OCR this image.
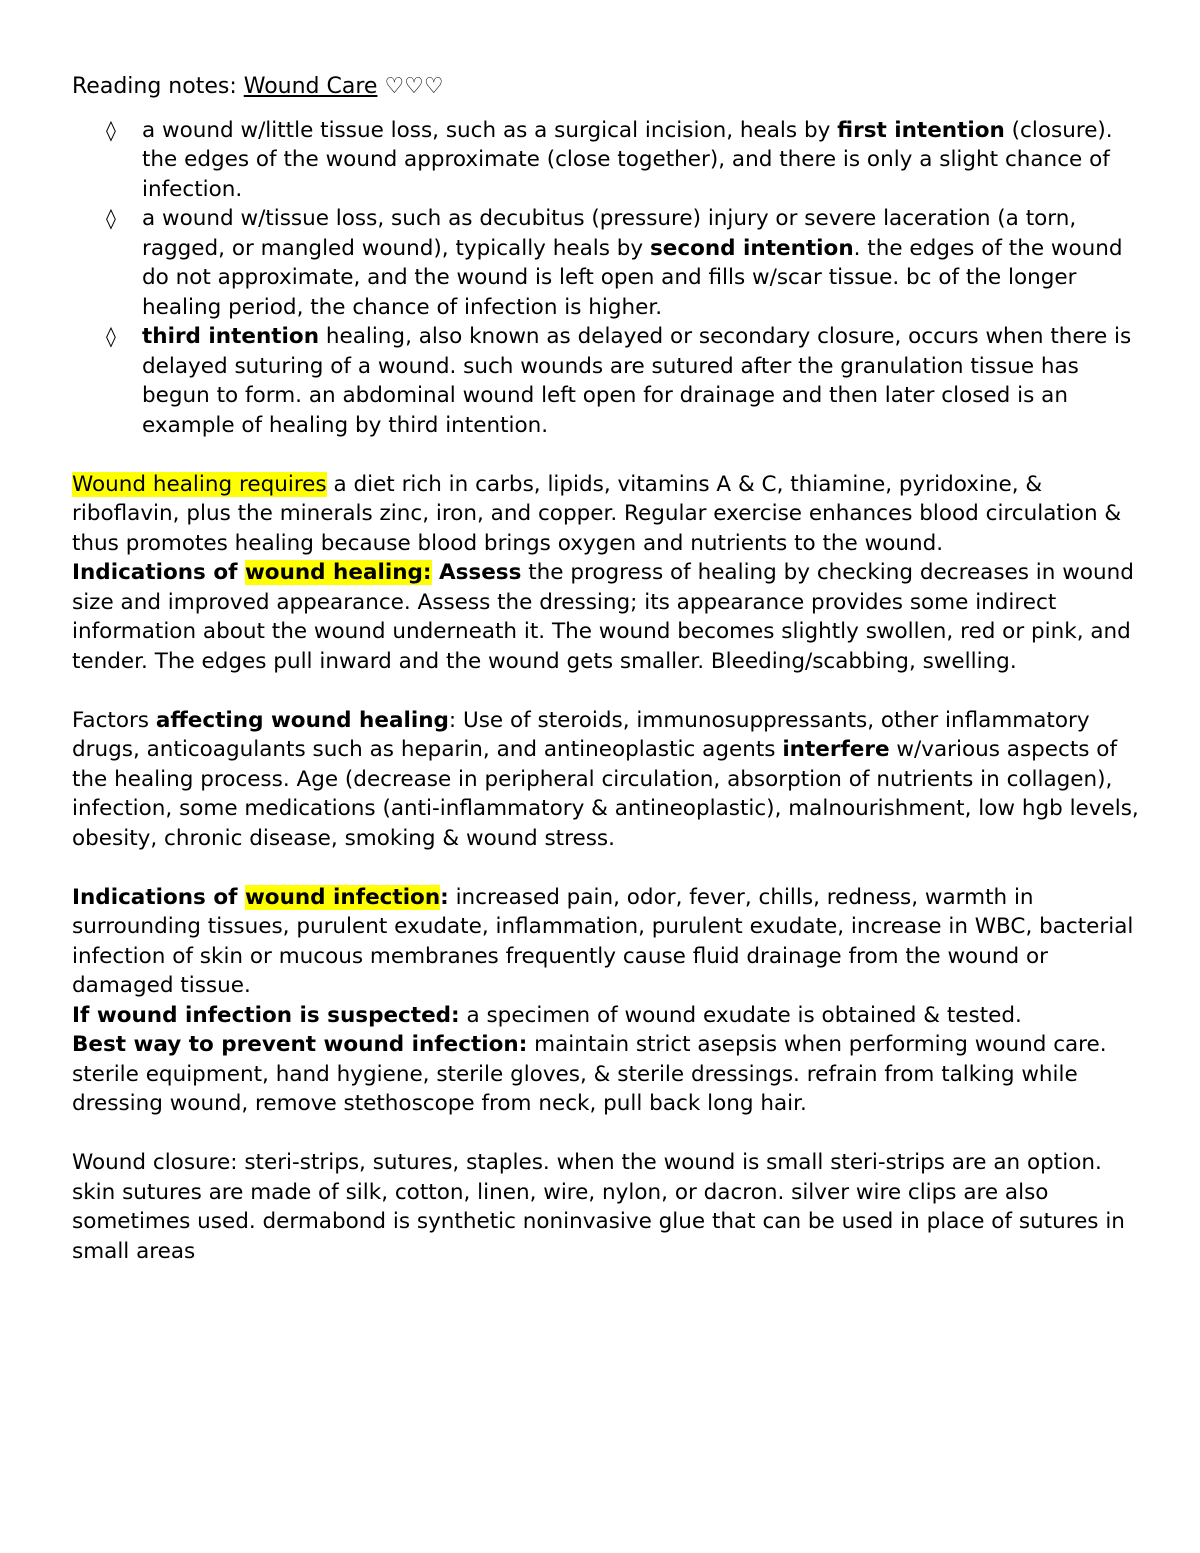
Reading notes: Wound Care ♡♡♡

◊ a wound w/little tissue loss, such as a surgical incision, heals by first intention (closure). the edges of the wound approximate (close together), and there is only a slight chance of infection.
◊ a wound w/tissue loss, such as decubitus (pressure) injury or severe laceration (a torn, ragged, or mangled wound), typically heals by second intention. the edges of the wound do not approximate, and the wound is left open and fills w/scar tissue. bc of the longer healing period, the chance of infection is higher.
◊ third intention healing, also known as delayed or secondary closure, occurs when there is delayed suturing of a wound. such wounds are sutured after the granulation tissue has begun to form. an abdominal wound left open for drainage and then later closed is an example of healing by third intention.

Wound healing requires a diet rich in carbs, lipids, vitamins A & C, thiamine, pyridoxine, & riboflavin, plus the minerals zinc, iron, and copper. Regular exercise enhances blood circulation & thus promotes healing because blood brings oxygen and nutrients to the wound.

Indications of wound healing: Assess the progress of healing by checking decreases in wound size and improved appearance. Assess the dressing; its appearance provides some indirect information about the wound underneath it. The wound becomes slightly swollen, red or pink, and tender. The edges pull inward and the wound gets smaller. Bleeding/scabbing, swelling.

Factors affecting wound healing: Use of steroids, immunosuppressants, other inflammatory drugs, anticoagulants such as heparin, and antineoplastic agents interfere w/various aspects of the healing process. Age (decrease in peripheral circulation, absorption of nutrients in collagen), infection, some medications (anti-inflammatory & antineoplastic), malnourishment, low hgb levels, obesity, chronic disease, smoking & wound stress.

Indications of wound infection: increased pain, odor, fever, chills, redness, warmth in surrounding tissues, purulent exudate, inflammation, purulent exudate, increase in WBC, bacterial infection of skin or mucous membranes frequently cause fluid drainage from the wound or damaged tissue.

If wound infection is suspected: a specimen of wound exudate is obtained & tested.

Best way to prevent wound infection: maintain strict asepsis when performing wound care. sterile equipment, hand hygiene, sterile gloves, & sterile dressings. refrain from talking while dressing wound, remove stethoscope from neck, pull back long hair.

Wound closure: steri-strips, sutures, staples. when the wound is small steri-strips are an option. skin sutures are made of silk, cotton, linen, wire, nylon, or dacron. silver wire clips are also sometimes used. dermabond is synthetic noninvasive glue that can be used in place of sutures in small areas
